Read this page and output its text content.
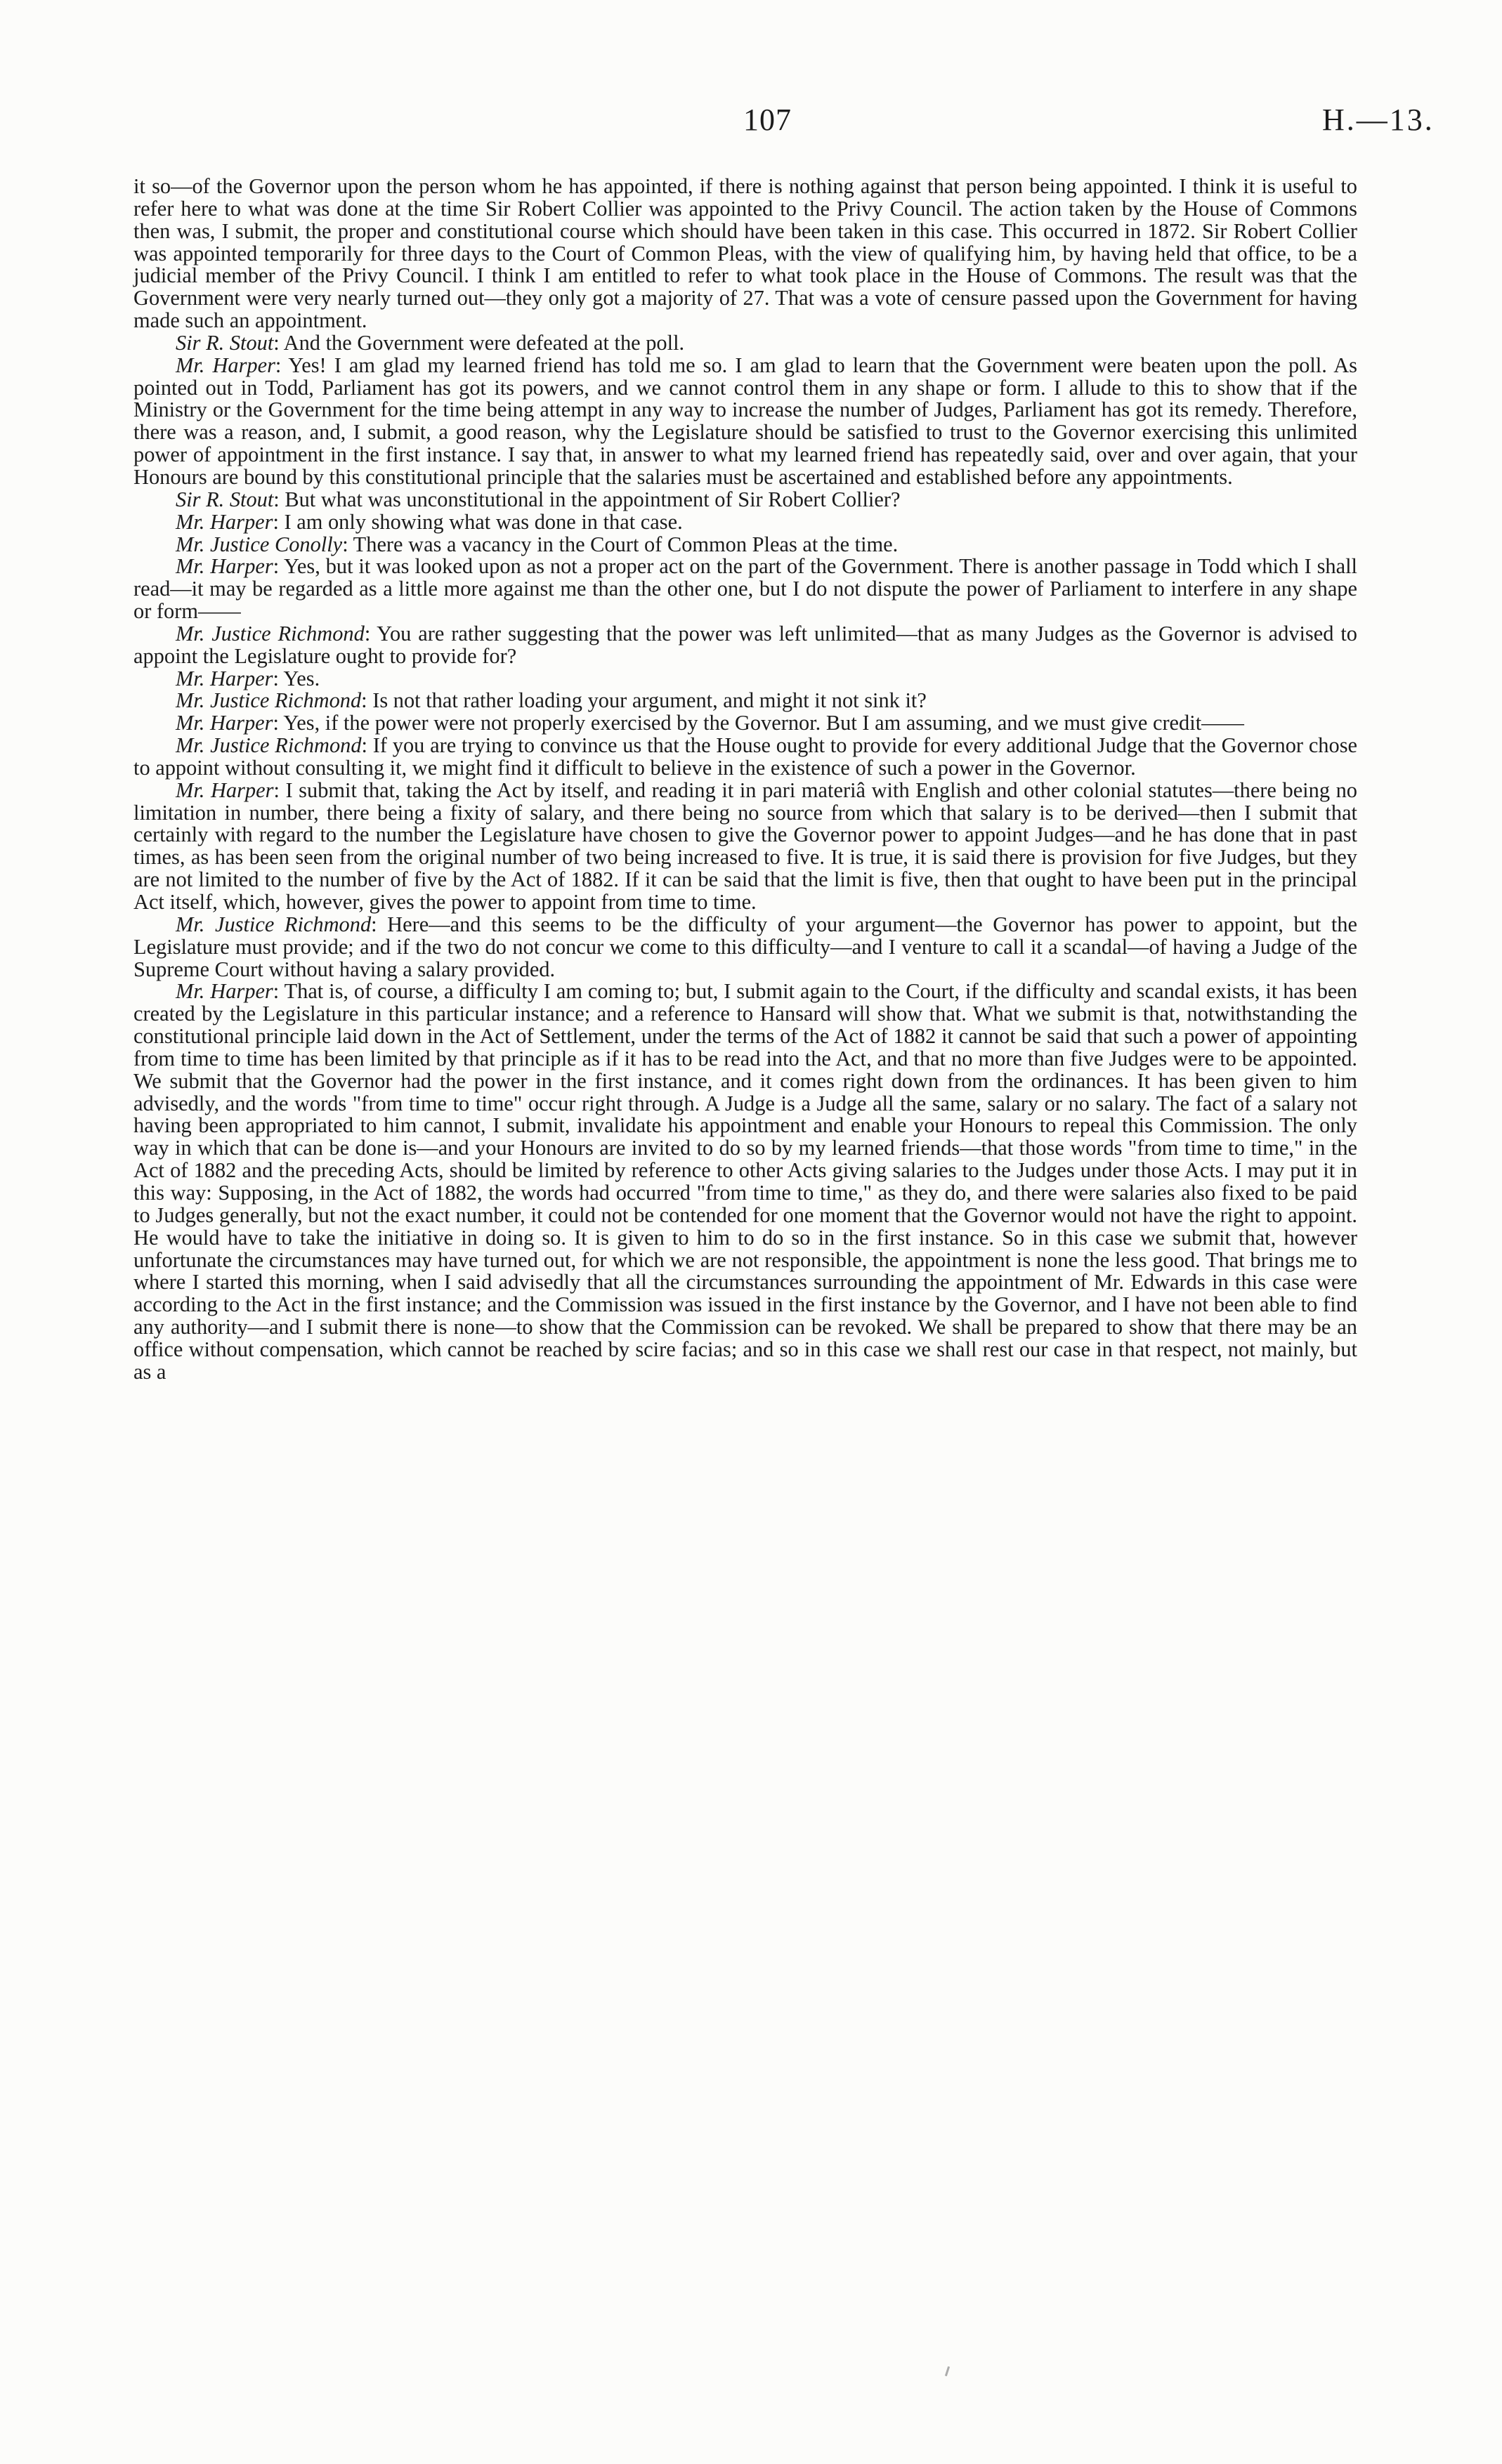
107	H.—13.

it so—of the Governor upon the person whom he has appointed, if there is nothing against that person being appointed. I think it is useful to refer here to what was done at the time Sir Robert Collier was appointed to the Privy Council. The action taken by the House of Commons then was, I submit, the proper and constitutional course which should have been taken in this case. This occurred in 1872. Sir Robert Collier was appointed temporarily for three days to the Court of Common Pleas, with the view of qualifying him, by having held that office, to be a judicial member of the Privy Council. I think I am entitled to refer to what took place in the House of Commons. The result was that the Government were very nearly turned out—they only got a majority of 27. That was a vote of censure passed upon the Government for having made such an appointment.

Sir R. Stout: And the Government were defeated at the poll.

Mr. Harper: Yes! I am glad my learned friend has told me so. I am glad to learn that the Government were beaten upon the poll. As pointed out in Todd, Parliament has got its powers, and we cannot control them in any shape or form. I allude to this to show that if the Ministry or the Government for the time being attempt in any way to increase the number of Judges, Parliament has got its remedy. Therefore, there was a reason, and, I submit, a good reason, why the Legislature should be satisfied to trust to the Governor exercising this unlimited power of appointment in the first instance. I say that, in answer to what my learned friend has repeatedly said, over and over again, that your Honours are bound by this constitutional principle that the salaries must be ascertained and established before any appointments.

Sir R. Stout: But what was unconstitutional in the appointment of Sir Robert Collier?

Mr. Harper: I am only showing what was done in that case.

Mr. Justice Conolly: There was a vacancy in the Court of Common Pleas at the time.

Mr. Harper: Yes, but it was looked upon as not a proper act on the part of the Government. There is another passage in Todd which I shall read—it may be regarded as a little more against me than the other one, but I do not dispute the power of Parliament to interfere in any shape or form——

Mr. Justice Richmond: You are rather suggesting that the power was left unlimited—that as many Judges as the Governor is advised to appoint the Legislature ought to provide for?

Mr. Harper: Yes.

Mr. Justice Richmond: Is not that rather loading your argument, and might it not sink it?

Mr. Harper: Yes, if the power were not properly exercised by the Governor. But I am assuming, and we must give credit——

Mr. Justice Richmond: If you are trying to convince us that the House ought to provide for every additional Judge that the Governor chose to appoint without consulting it, we might find it difficult to believe in the existence of such a power in the Governor.

Mr. Harper: I submit that, taking the Act by itself, and reading it in pari materiâ with English and other colonial statutes—there being no limitation in number, there being a fixity of salary, and there being no source from which that salary is to be derived—then I submit that certainly with regard to the number the Legislature have chosen to give the Governor power to appoint Judges—and he has done that in past times, as has been seen from the original number of two being increased to five. It is true, it is said there is provision for five Judges, but they are not limited to the number of five by the Act of 1882. If it can be said that the limit is five, then that ought to have been put in the principal Act itself, which, however, gives the power to appoint from time to time.

Mr. Justice Richmond: Here—and this seems to be the difficulty of your argument—the Governor has power to appoint, but the Legislature must provide; and if the two do not concur we come to this difficulty—and I venture to call it a scandal—of having a Judge of the Supreme Court without having a salary provided.

Mr. Harper: That is, of course, a difficulty I am coming to; but, I submit again to the Court, if the difficulty and scandal exists, it has been created by the Legislature in this particular instance; and a reference to Hansard will show that. What we submit is that, notwithstanding the constitutional principle laid down in the Act of Settlement, under the terms of the Act of 1882 it cannot be said that such a power of appointing from time to time has been limited by that principle as if it has to be read into the Act, and that no more than five Judges were to be appointed. We submit that the Governor had the power in the first instance, and it comes right down from the ordinances. It has been given to him advisedly, and the words "from time to time" occur right through. A Judge is a Judge all the same, salary or no salary. The fact of a salary not having been appropriated to him cannot, I submit, invalidate his appointment and enable your Honours to repeal this Commission. The only way in which that can be done is—and your Honours are invited to do so by my learned friends—that those words "from time to time," in the Act of 1882 and the preceding Acts, should be limited by reference to other Acts giving salaries to the Judges under those Acts. I may put it in this way: Supposing, in the Act of 1882, the words had occurred "from time to time," as they do, and there were salaries also fixed to be paid to Judges generally, but not the exact number, it could not be contended for one moment that the Governor would not have the right to appoint. He would have to take the initiative in doing so. It is given to him to do so in the first instance. So in this case we submit that, however unfortunate the circumstances may have turned out, for which we are not responsible, the appointment is none the less good. That brings me to where I started this morning, when I said advisedly that all the circumstances surrounding the appointment of Mr. Edwards in this case were according to the Act in the first instance; and the Commission was issued in the first instance by the Governor, and I have not been able to find any authority—and I submit there is none—to show that the Commission can be revoked. We shall be prepared to show that there may be an office without compensation, which cannot be reached by scire facias; and so in this case we shall rest our case in that respect, not mainly, but as a
